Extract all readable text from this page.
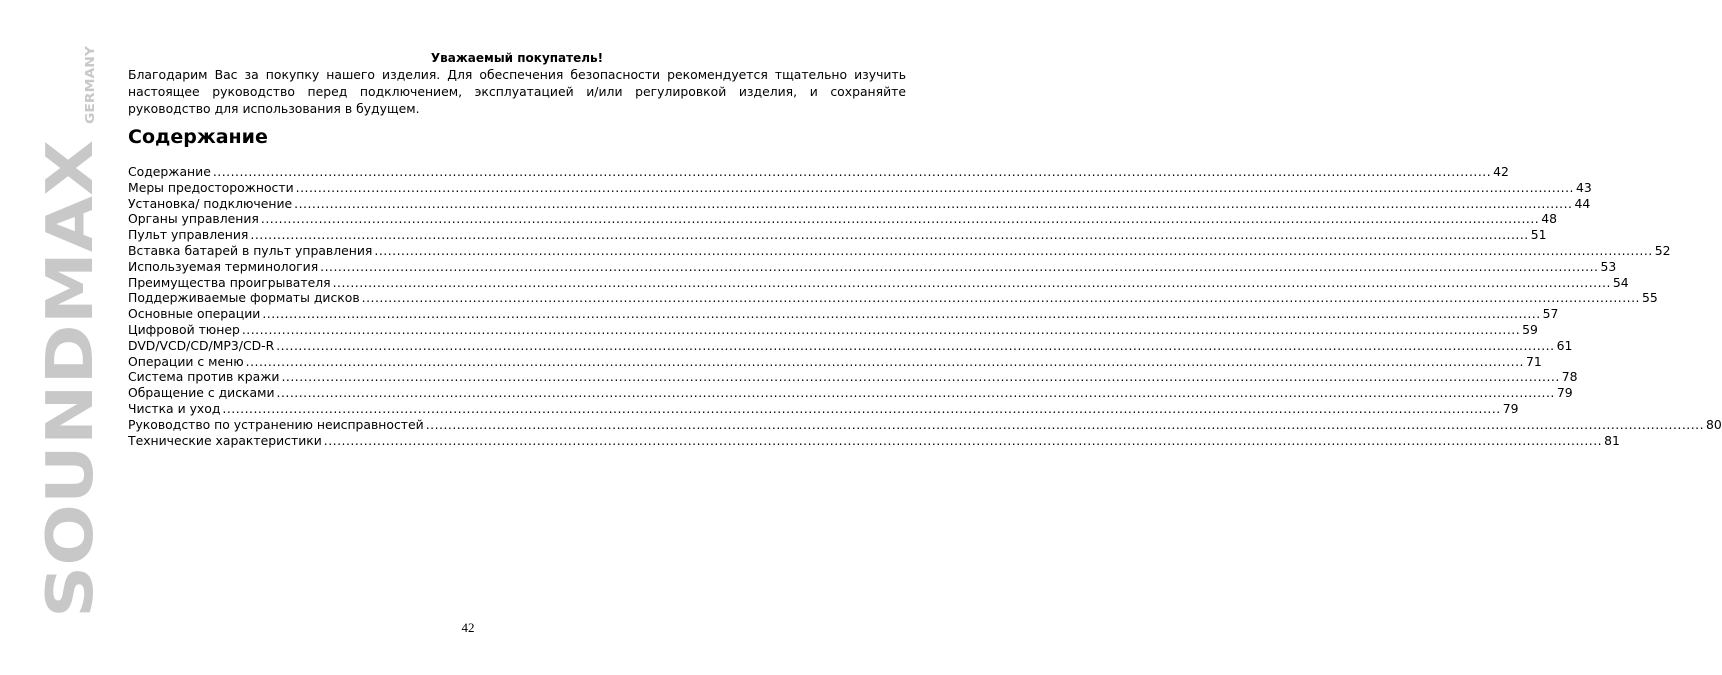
SOUNDMAX
GERMANY	Уважаемый покупатель!

Благодарим Вас за покупку нашего изделия. Для обеспечения безопасности рекомендуется тщательно изучить настоящее руководство перед подключением, эксплуатацией и/или регулировкой изделия, и сохраняйте руководство для использования в будущем.

Содержание
Содержание .....	42
Меры предосторожности .....	43
Установка/ подключение .....	44
Органы управления .....	48
Пульт управления .....	51
Вставка батарей в пульт управления .....	52
Используемая терминология .....	53
Преимущества проигрывателя .....	54
Поддерживаемые форматы дисков .....	55
Основные операции .....	57
Цифровой тюнер .....	59
DVD/VCD/CD/MP3/CD-R .....	61
Операции с меню .....	71
Система против кражи .....	78
Обращение с дисками .....	79
Чистка и уход .....	79
Руководство по устранению неисправностей .....	80
Технические характеристики .....	81
42
